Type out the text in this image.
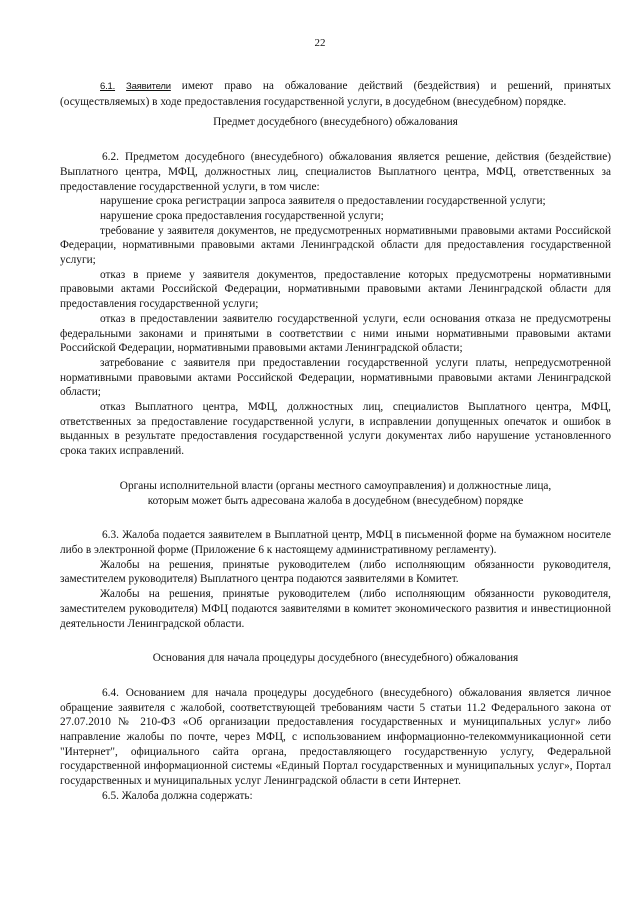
22

6.1. Заявители имеют право на обжалование действий (бездействия) и решений, принятых (осуществляемых) в ходе предоставления государственной услуги, в досудебном (внесудебном) порядке.

Предмет досудебного (внесудебного) обжалования

6.2. Предметом досудебного (внесудебного) обжалования является решение, действия (бездействие) Выплатного центра, МФЦ, должностных лиц, специалистов Выплатного центра, МФЦ, ответственных за предоставление государственной услуги, в том числе:

нарушение срока регистрации запроса заявителя о предоставлении государственной услуги;

нарушение срока предоставления государственной услуги;

требование у заявителя документов, не предусмотренных нормативными правовыми актами Российской Федерации, нормативными правовыми актами Ленинградской области для предоставления государственной услуги;

отказ в приеме у заявителя документов, предоставление которых предусмотрены нормативными правовыми актами Российской Федерации, нормативными правовыми актами Ленинградской области для предоставления государственной услуги;

отказ в предоставлении заявителю государственной услуги, если основания отказа не предусмотрены федеральными законами и принятыми в соответствии с ними иными нормативными правовыми актами Российской Федерации, нормативными правовыми актами Ленинградской области;

затребование с заявителя при предоставлении государственной услуги платы, непредусмотренной нормативными правовыми актами Российской Федерации, нормативными правовыми актами Ленинградской области;

отказ Выплатного центра, МФЦ, должностных лиц, специалистов Выплатного центра, МФЦ, ответственных за предоставление государственной услуги, в исправлении допущенных опечаток и ошибок в выданных в результате предоставления государственной услуги документах либо нарушение установленного срока таких исправлений.

Органы исполнительной власти (органы местного самоуправления) и должностные лица,

которым может быть адресована жалоба в досудебном (внесудебном) порядке

6.3. Жалоба подается заявителем в Выплатной центр, МФЦ в письменной форме на бумажном носителе либо в электронной форме (Приложение 6 к настоящему административному регламенту).

Жалобы на решения, принятые руководителем (либо исполняющим обязанности руководителя, заместителем руководителя) Выплатного центра подаются заявителями в Комитет.

Жалобы на решения, принятые руководителем (либо исполняющим обязанности руководителя, заместителем руководителя) МФЦ подаются заявителями в комитет экономического развития и инвестиционной деятельности Ленинградской области.

Основания для начала процедуры досудебного (внесудебного) обжалования

6.4. Основанием для начала процедуры досудебного (внесудебного) обжалования является личное обращение заявителя с жалобой, соответствующей требованиям части 5 статьи 11.2 Федерального закона от 27.07.2010 № 210-ФЗ «Об организации предоставления государственных и муниципальных услуг» либо направление жалобы по почте, через МФЦ, с использованием информационно-телекоммуникационной сети "Интернет", официального сайта органа, предоставляющего государственную услугу, Федеральной государственной информационной системы «Единый Портал государственных и муниципальных услуг», Портал государственных и муниципальных услуг Ленинградской области в сети Интернет.

6.5. Жалоба должна содержать:
